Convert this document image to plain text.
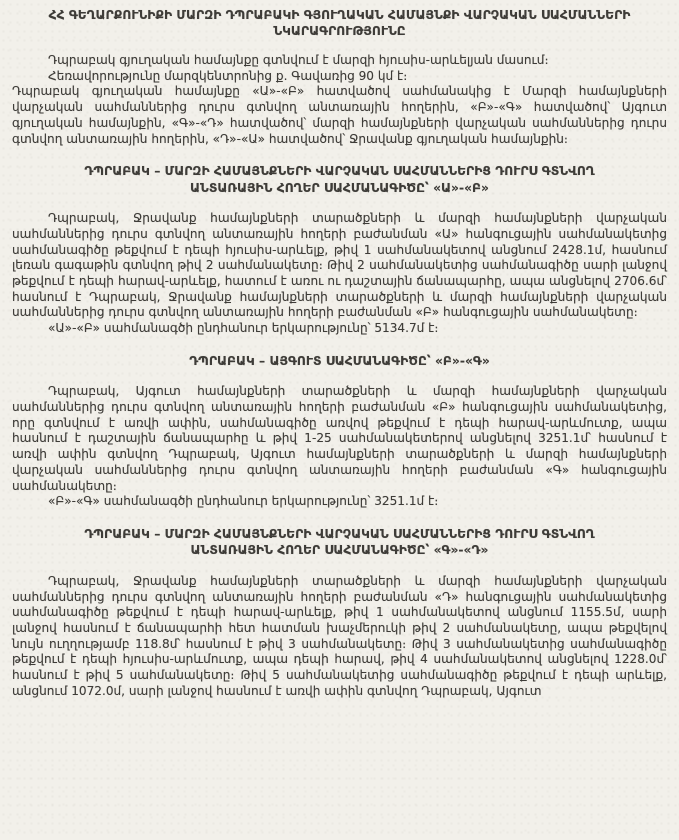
ՀՀ ԳԵՂԱՐՔՈՒՆԻՔԻ ՄԱՐԶԻ ԴՊՐԱԲԱԿԻ ԳՅՈՒՂԱԿԱՆ ՀԱՄԱՅՆՔԻ ՎԱՐՉԱԿԱՆ ՍԱՀՄԱՆՆԵՐԻ ՆԿԱՐԱԳՐՈՒԹՅՈՒՆԸ

Դպրաբակ գյուղական համայնքը գտնվում է մարզի հյուսիս-արևելյան մասում։

Հեռավորությունը մարզկենտրոնից ք. Գավառից 90 կմ է։

Դպրաբակ գյուղական համայնքը «Ա»-«Բ» հատվածով սահմանակից է Մարզի համայնքների վարչական սահմաններից դուրս գտնվող անտառային հողերին, «Բ»-«Գ» հատվածով՝ Այգուտ գյուղական համայնքին, «Գ»-«Դ» հատվածով՝ մարզի համայնքների վարչական սահմաններից դուրս գտնվող անտառային հողերին, «Դ»-«Ա» հատվածով՝ Ջրավանք գյուղական համայնքին։

ԴՊՐԱԲԱԿ – ՄԱՐԶԻ ՀԱՄԱՅՆՔՆԵՐԻ ՎԱՐՉԱԿԱՆ ՍԱՀՄԱՆՆԵՐԻՑ ԴՈՒՐՍ ԳՏՆՎՈՂ ԱՆՏԱՌԱՅԻՆ ՀՈՂԵՐ ՍԱՀՄԱՆԱԳԻԾԸ՝ «Ա»-«Բ»

Դպրաբակ, Ջրավանք համայնքների տարածքների և մարզի համայնքների վարչական սահմաններից դուրս գտնվող անտառային հողերի բաժանման «Ա» հանգուցային սահմանակետից սահմանագիծը թեքվում է դեպի հյուսիս-արևելք, թիվ 1 սահմանակետով անցնում 2428.1մ, հասնում լեռան գագաթին գտնվող թիվ 2 սահմանակետը։ Թիվ 2 սահմանակետից սահմանագիծը սարի լանջով թեքվում է դեպի հարավ-արևելք, հատում է առու ու դաշտային ճանապարհը, ապա անցնելով 2706.6մ՝ հասնում է Դպրաբակ, Ջրավանք համայնքների տարածքների և մարզի համայնքների վարչական սահմաններից դուրս գտնվող անտառային հողերի բաժանման «Բ» հանգուցային սահմանակետը։

«Ա»-«Բ» սահմանագծի ընդհանուր երկարությունը՝ 5134.7մ է։

ԴՊՐԱԲԱԿ – ԱՅԳՈՒՏ ՍԱՀՄԱՆԱԳԻԾԸ՝ «Բ»-«Գ»

Դպրաբակ, Այգուտ համայնքների տարածքների և մարզի համայնքների վարչական սահմաններից դուրս գտնվող անտառային հողերի բաժանման «Բ» հանգուցային սահմանակետից, որը գտնվում է առվի ափին, սահմանագիծը առվով թեքվում է դեպի հարավ-արևմուտք, ապա հասնում է դաշտային ճանապարհը և թիվ 1-25 սահմանակետերով անցնելով 3251.1մ՝ հասնում է առվի ափին գտնվող Դպրաբակ, Այգուտ համայնքների տարածքների և մարզի համայնքների վարչական սահմաններից դուրս գտնվող անտառային հողերի բաժանման «Գ» հանգուցային սահմանակետը։

«Բ»-«Գ» սահմանագծի ընդհանուր երկարությունը՝ 3251.1մ է։

ԴՊՐԱԲԱԿ – ՄԱՐԶԻ ՀԱՄԱՅՆՔՆԵՐԻ ՎԱՐՉԱԿԱՆ ՍԱՀՄԱՆՆԵՐԻՑ ԴՈՒՐՍ ԳՏՆՎՈՂ ԱՆՏԱՌԱՅԻՆ ՀՈՂԵՐ ՍԱՀՄԱՆԱԳԻԾԸ՝ «Գ»-«Դ»

Դպրաբակ, Ջրավանք համայնքների տարածքների և մարզի համայնքների վարչական սահմաններից դուրս գտնվող անտառային հողերի բաժանման «Դ» հանգուցային սահմանակետից սահմանագիծը թեքվում է դեպի հարավ-արևելք, թիվ 1 սահմանակետով անցնում 1155.5մ, սարի լանջով հասնում է ճանապարհի հետ հատման խաչմերուկի թիվ 2 սահմանակետը, ապա թեքվելով նույն ուղղությամբ 118.8մ՝ հասնում է թիվ 3 սահմանակետը։ Թիվ 3 սահմանակետից սահմանագիծը թեքվում է դեպի հյուսիս-արևմուտք, ապա դեպի հարավ, թիվ 4 սահմանակետով անցնելով 1228.0մ՝ հասնում է թիվ 5 սահմանակետը։ Թիվ 5 սահմանակետից սահմանագիծը թեքվում է դեպի արևելք, անցնում 1072.0մ, սարի լանջով հասնում է առվի ափին գտնվող Դպրաբակ, Այգուտ
